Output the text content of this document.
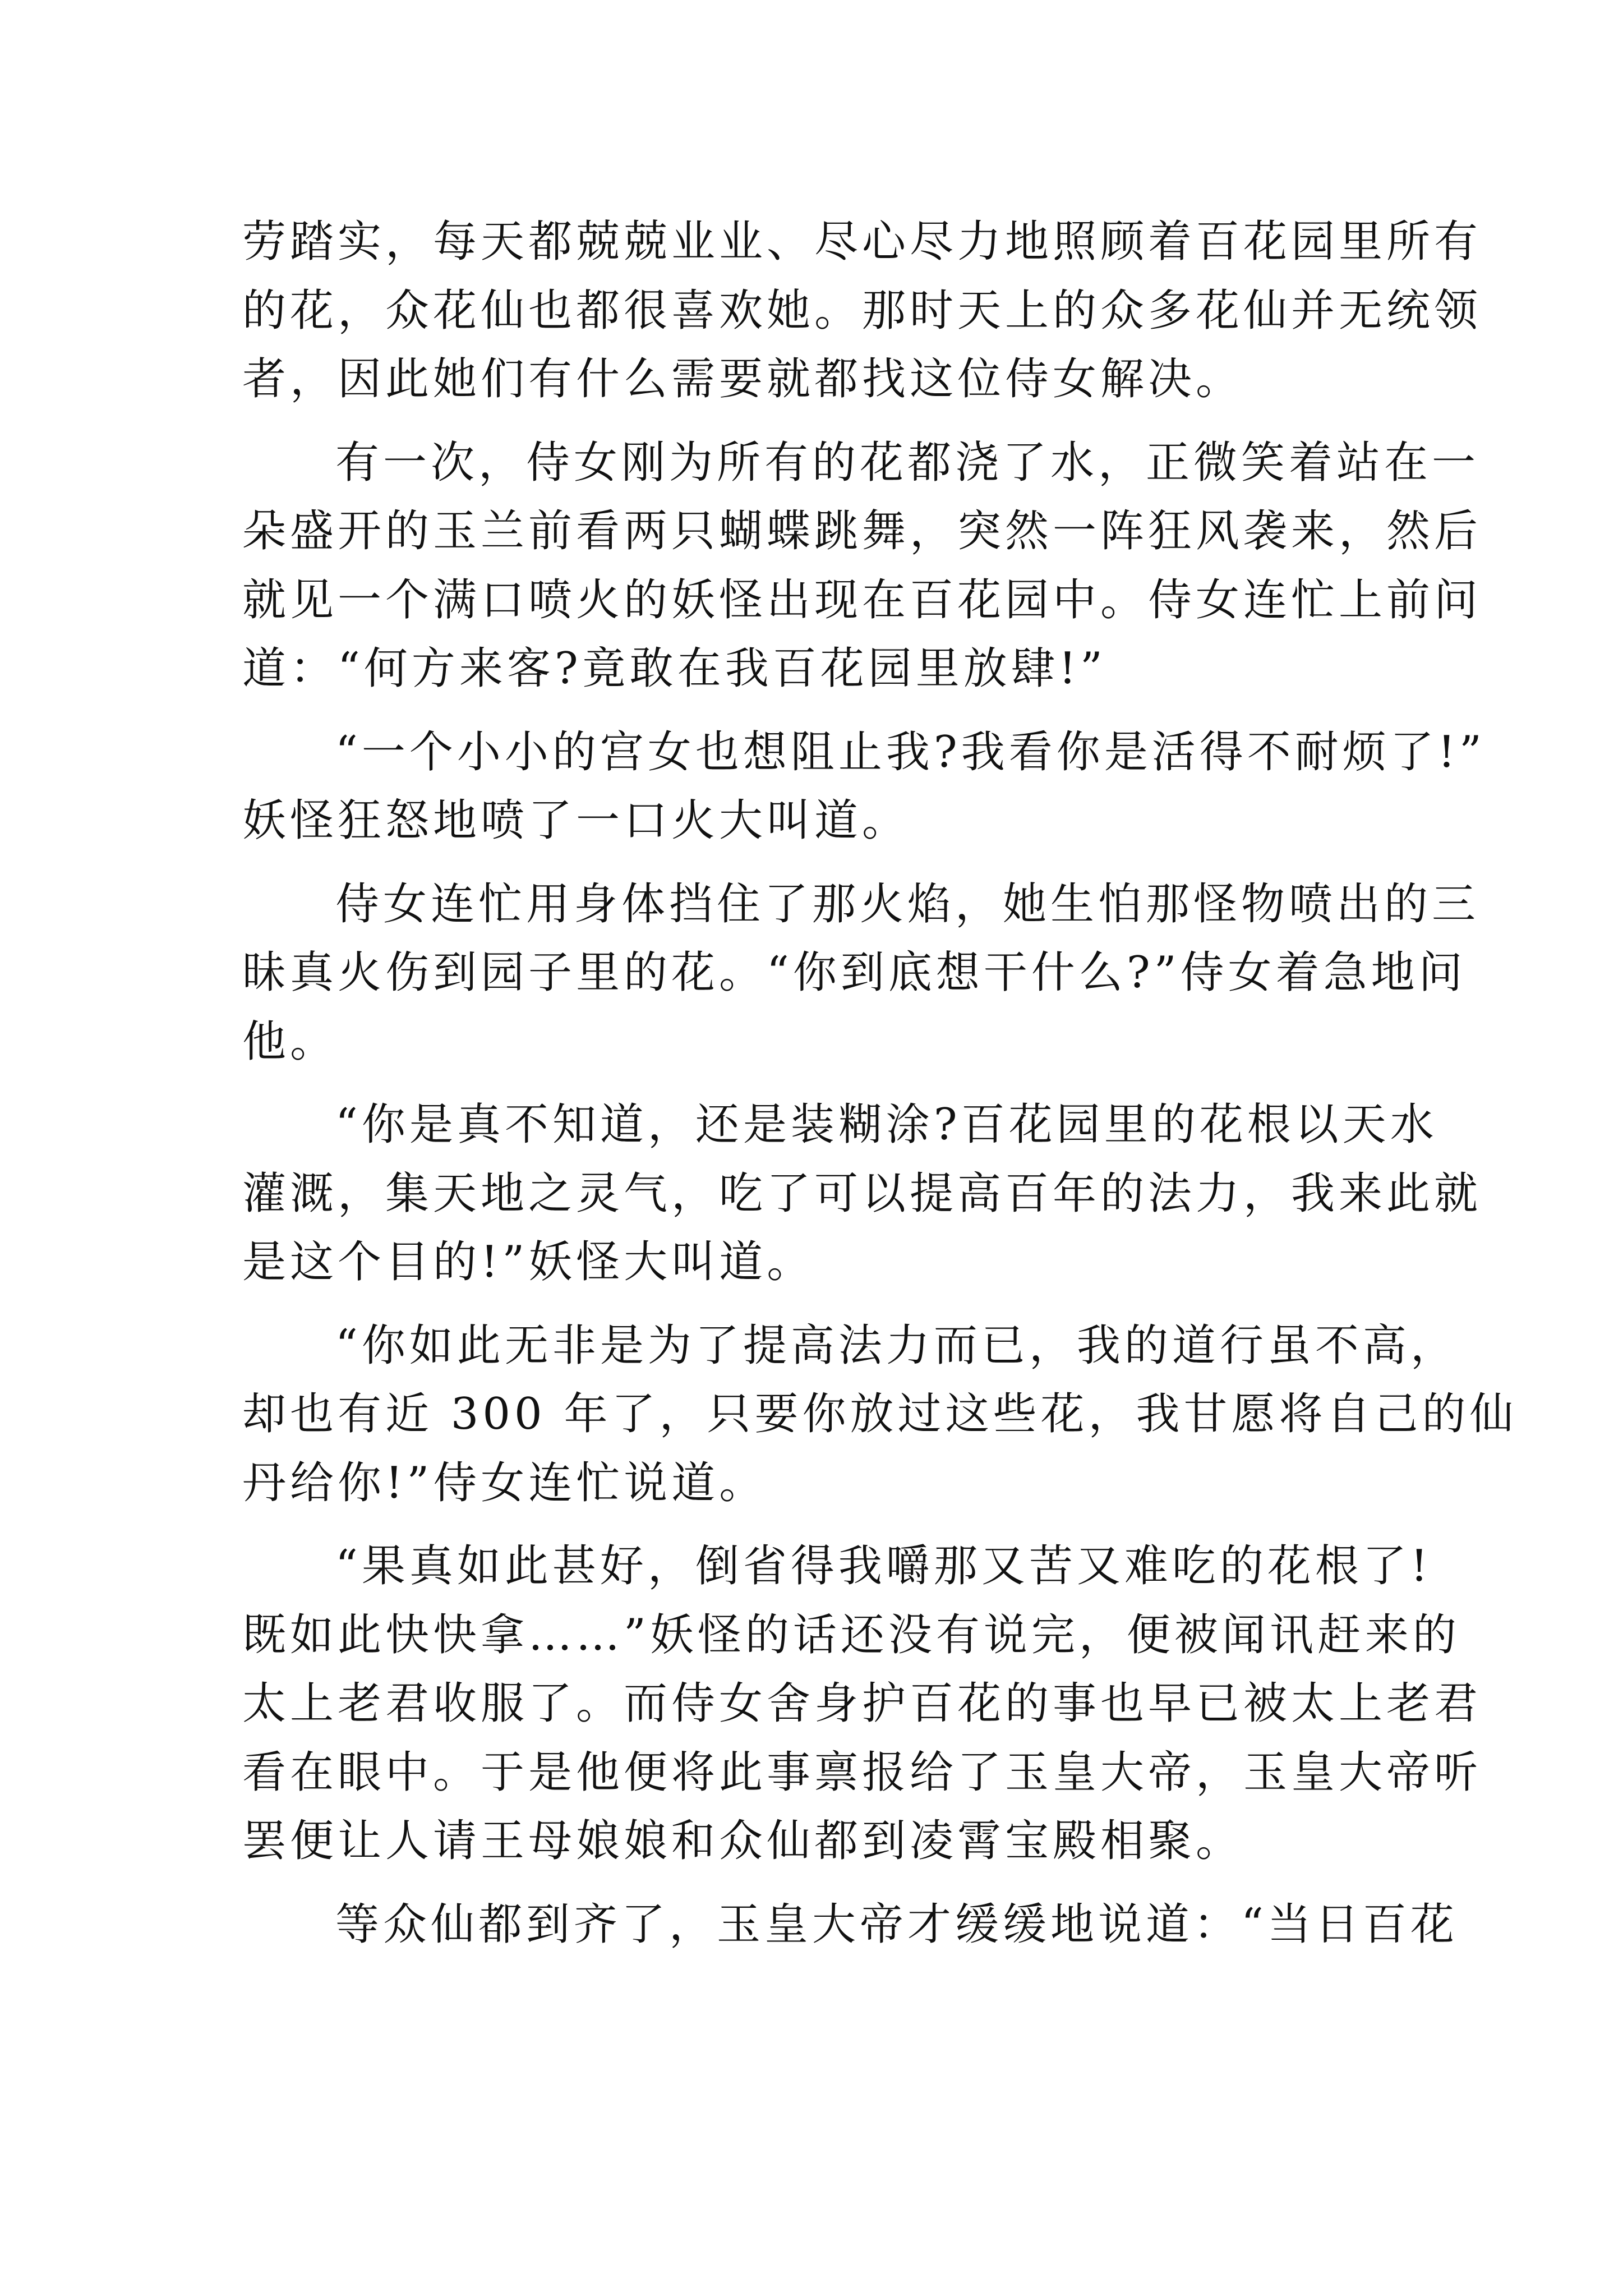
劳踏实，每天都兢兢业业、尽心尽力地照顾着百花园里所有
的花，众花仙也都很喜欢她。那时天上的众多花仙并无统领
者，因此她们有什么需要就都找这位侍女解决。

有一次，侍女刚为所有的花都浇了水，正微笑着站在一
朵盛开的玉兰前看两只蝴蝶跳舞，突然一阵狂风袭来，然后
就见一个满口喷火的妖怪出现在百花园中。侍女连忙上前问
道：“何方来客?竟敢在我百花园里放肆!”

“一个小小的宫女也想阻止我?我看你是活得不耐烦了!”
妖怪狂怒地喷了一口火大叫道。

侍女连忙用身体挡住了那火焰，她生怕那怪物喷出的三
昧真火伤到园子里的花。“你到底想干什么?”侍女着急地问
他。

“你是真不知道，还是装糊涂?百花园里的花根以天水
灌溉，集天地之灵气，吃了可以提高百年的法力，我来此就
是这个目的!”妖怪大叫道。

“你如此无非是为了提高法力而已，我的道行虽不高，
却也有近 300 年了，只要你放过这些花，我甘愿将自己的仙
丹给你!”侍女连忙说道。

“果真如此甚好，倒省得我嚼那又苦又难吃的花根了!
既如此快快拿……”妖怪的话还没有说完，便被闻讯赶来的
太上老君收服了。而侍女舍身护百花的事也早已被太上老君
看在眼中。于是他便将此事禀报给了玉皇大帝，玉皇大帝听
罢便让人请王母娘娘和众仙都到凌霄宝殿相聚。

等众仙都到齐了，玉皇大帝才缓缓地说道：“当日百花
